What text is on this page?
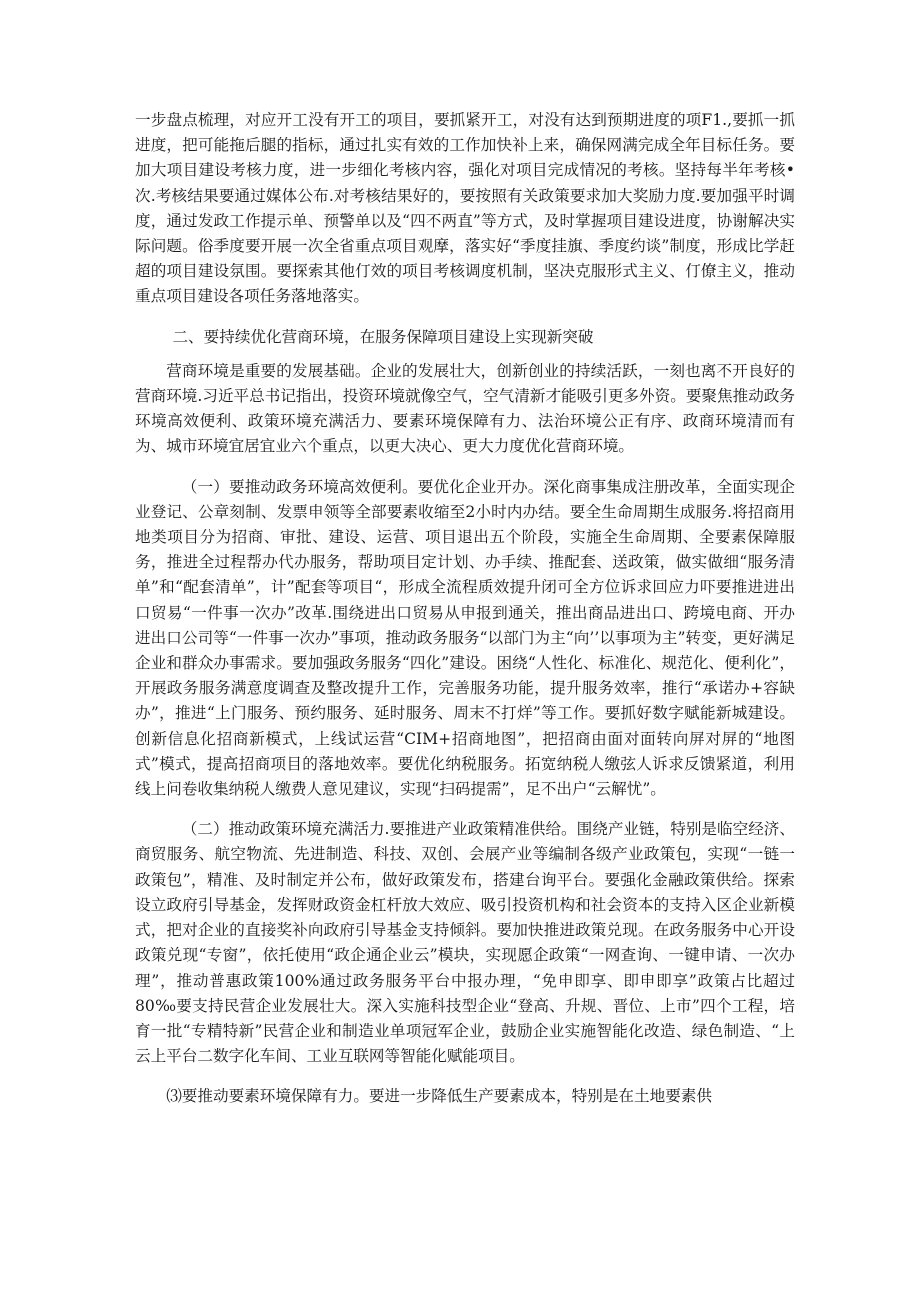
一步盘点梳理，对应开工没有开工的项目，要抓紧开工，对没有达到预期进度的项F1.,要抓一抓进度，把可能拖后腿的指标，通过扎实有效的工作加快补上来，确保网满完成全年目标任务。要加大项目建设考核力度，进一步细化考核内容，强化对项目完成情况的考核。坚持每半年考核•次.考核结果要通过媒体公布.对考核结果好的，要按照有关政策要求加大奖励力度.要加强平时调度，通过发政工作提示单、预警单以及“四不两直”等方式，及时掌握项目建设进度，协谢解决实际问题。俗季度要开展一次全省重点项目观摩，落实好“季度挂旗、季度约谈”制度，形成比学赶超的项目建设氛围。要探索其他仃效的项目考核调度机制，坚决克服形式主义、仃僚主义，推动重点项目建设各项任务落地落实。

二、要持续优化营商环境，在服务保障项目建设上实现新突破

营商环境是重要的发展基础。企业的发展壮大，创新创业的持续活跃，一刻也离不开良好的营商环境.习近平总书记指出，投资环境就像空气，空气清新才能吸引更多外资。要聚焦推动政务环境高效便利、政策环境充满活力、要素环境保障有力、法治环境公正有序、政商环境清而有为、城市环境宜居宜业六个重点，以更大决心、更大力度优化营商环境。

（一）要推动政务环境高效便利。要优化企业开办。深化商事集成注册改革，全面实现企业登记、公章刻制、发票申领等全部要素收缩至2小时内办结。要全生命周期生成服务.将招商用地类项目分为招商、审批、建设、运营、项目退出五个阶段，实施全生命周期、全要素保障服务，推进全过程帮办代办服务，帮助项目定计划、办手续、推配套、送政策，做实做细“服务清单”和“配套清单”，计”配套等项目“，形成全流程质效提升闭可全方位诉求回应力吓要推进进出口贸易“一件事一次办”改革.围绕进出口贸易从申报到通关，推出商品进出口、跨境电商、开办进出口公司等“一件事一次办”事项，推动政务服务“以部门为主“向’’以事项为主”转变，更好满足企业和群众办事需求。要加强政务服务“四化”建设。困绕“人性化、标准化、规范化、便利化”，开展政务服务满意度调查及整改提升工作，完善服务功能，提升服务效率，推行“承诺办+容缺办”，推进“上门服务、预约服务、延时服务、周末不打烊”等工作。要抓好数字赋能新城建设。创新信息化招商新模式，上线试运营“CIM+招商地图”，把招商由面对面转向屏对屏的“地图式”模式，提高招商项目的落地效率。要优化纳税服务。拓宽纳税人缴弦人诉求反馈紧道，利用线上问卷收集纳税人缴费人意见建议，实现“扫码提需”，足不出户“云解忧”。

（二）推动政策环境充满活力.要推进产业政策精准供给。围绕产业链，特别是临空经济、商贸服务、航空物流、先进制造、科技、双创、会展产业等编制各级产业政策包，实现“一链一政策包”，精准、及时制定并公布，做好政策发布，搭建台询平台。要强化金融政策供给。探索设立政府引导基金，发挥财政资金杠杆放大效应、吸引投资机构和社会资本的支持入区企业新模式，把对企业的直接奖补向政府引导基金支持倾斜。要加快推进政策兑现。在政务服务中心开设政策兑现“专窗”，依托使用“政企通企业云”模块，实现愿企政策“一网查询、一键申请、一次办理”，推动普惠政策100%通过政务服务平台中报办理，“免申即享、即申即享”政策占比超过80‰要支持民营企业发展壮大。深入实施科技型企业“登高、升规、晋位、上市”四个工程，培育一批“专精特新”民营企业和制造业单项冠军企业，鼓励企业实施智能化改造、绿色制造、“上云上平台二数字化车间、工业互联网等智能化赋能项目。

⑶要推动要素环境保障有力。要进一步降低生产要素成本，特别是在土地要素供
